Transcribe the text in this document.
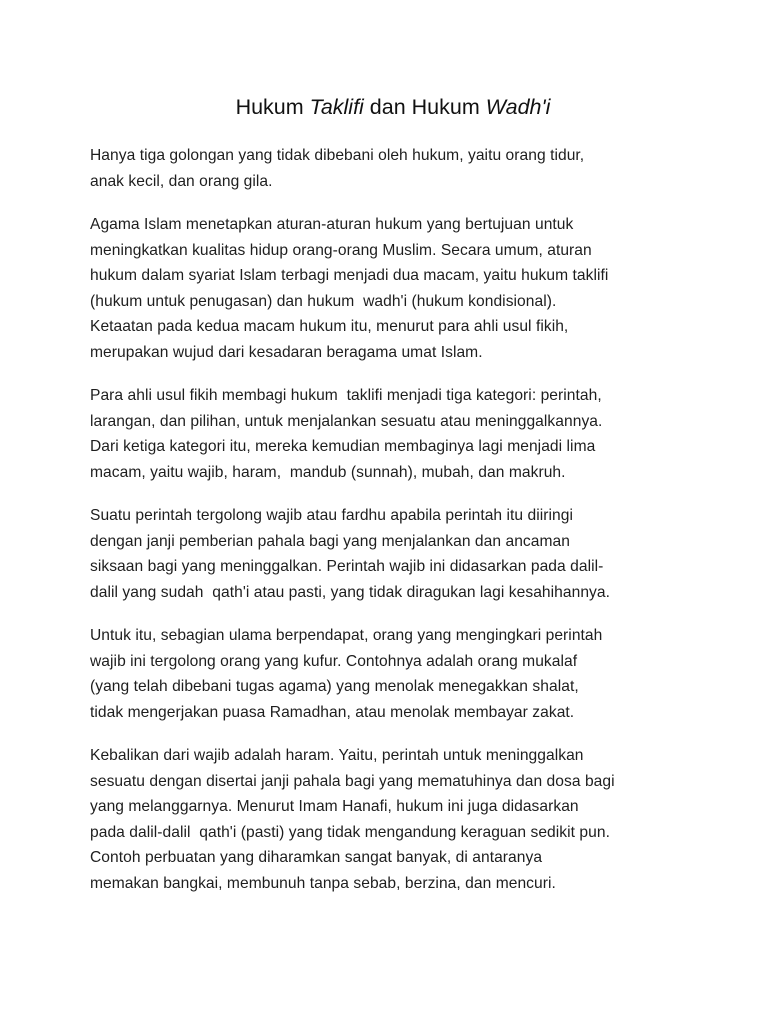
Hukum Taklifi dan Hukum Wadh'i

Hanya tiga golongan yang tidak dibebani oleh hukum, yaitu orang tidur,
anak kecil, dan orang gila.

Agama Islam menetapkan aturan-aturan hukum yang bertujuan untuk
meningkatkan kualitas hidup orang-orang Muslim. Secara umum, aturan
hukum dalam syariat Islam terbagi menjadi dua macam, yaitu hukum taklifi
(hukum untuk penugasan) dan hukum  wadh'i (hukum kondisional).
Ketaatan pada kedua macam hukum itu, menurut para ahli usul fikih,
merupakan wujud dari kesadaran beragama umat Islam.

Para ahli usul fikih membagi hukum  taklifi menjadi tiga kategori: perintah,
larangan, dan pilihan, untuk menjalankan sesuatu atau meninggalkannya.
Dari ketiga kategori itu, mereka kemudian membaginya lagi menjadi lima
macam, yaitu wajib, haram,  mandub (sunnah), mubah, dan makruh.

Suatu perintah tergolong wajib atau fardhu apabila perintah itu diiringi
dengan janji pemberian pahala bagi yang menjalankan dan ancaman
siksaan bagi yang meninggalkan. Perintah wajib ini didasarkan pada dalil-
dalil yang sudah  qath'i atau pasti, yang tidak diragukan lagi kesahihannya.

Untuk itu, sebagian ulama berpendapat, orang yang mengingkari perintah
wajib ini tergolong orang yang kufur. Contohnya adalah orang mukalaf
(yang telah dibebani tugas agama) yang menolak menegakkan shalat,
tidak mengerjakan puasa Ramadhan, atau menolak membayar zakat.

Kebalikan dari wajib adalah haram. Yaitu, perintah untuk meninggalkan
sesuatu dengan disertai janji pahala bagi yang mematuhinya dan dosa bagi
yang melanggarnya. Menurut Imam Hanafi, hukum ini juga didasarkan
pada dalil-dalil  qath'i (pasti) yang tidak mengandung keraguan sedikit pun.
Contoh perbuatan yang diharamkan sangat banyak, di antaranya
memakan bangkai, membunuh tanpa sebab, berzina, dan mencuri.
